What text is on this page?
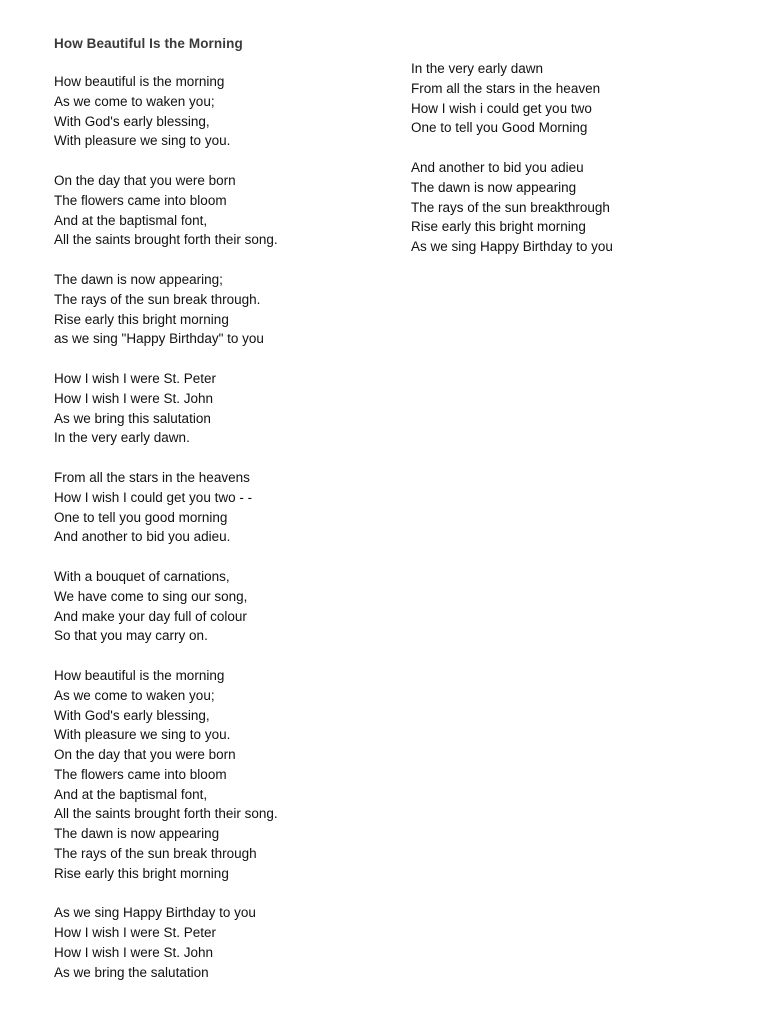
How Beautiful Is the Morning
How beautiful is the morning
As we come to waken you;
With God's early blessing,
With pleasure we sing to you.
On the day that you were born
The flowers came into bloom
And at the baptismal font,
All the saints brought forth their song.
The dawn is now appearing;
The rays of the sun break through.
Rise early this bright morning
as we sing "Happy Birthday" to you
How I wish I were St. Peter
How I wish I were St. John
As we bring this salutation
In the very early dawn.
From all the stars in the heavens
How I wish I could get you two - -
One to tell you good morning
And another to bid you adieu.
With a bouquet of carnations,
We have come to sing our song,
And make your day full of colour
So that you may carry on.
How beautiful is the morning
As we come to waken you;
With God's early blessing,
With pleasure we sing to you.
On the day that you were born
The flowers came into bloom
And at the baptismal font,
All the saints brought forth their song.
The dawn is now appearing
The rays of the sun break through
Rise early this bright morning
As we sing Happy Birthday to you
How I wish I were St. Peter
How I wish I were St. John
As we bring the salutation
In the very early dawn
From all the stars in the heaven
How I wish i could get you two
One to tell you Good Morning
And another to bid you adieu
The dawn is now appearing
The rays of the sun breakthrough
Rise early this bright morning
As we sing Happy Birthday to you
